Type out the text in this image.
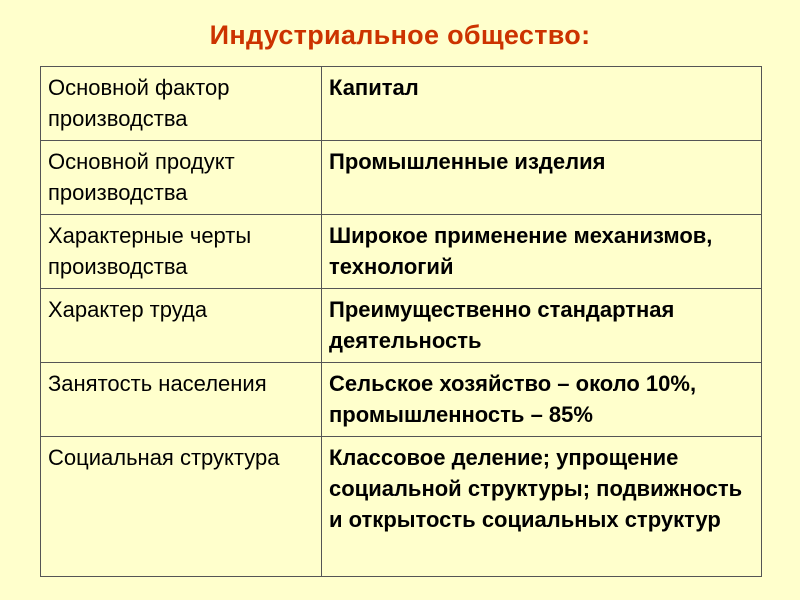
Индустриальное общество:
Основной фактор производства	Капитал
Основной продукт производства	Промышленные изделия
Характерные черты производства	Широкое применение механизмов, технологий
Характер труда	Преимущественно стандартная деятельность
Занятость населения	Сельское хозяйство – около 10%, промышленность – 85%
Социальная структура	Классовое деление; упрощение социальной структуры; подвижность и открытость социальных структур
